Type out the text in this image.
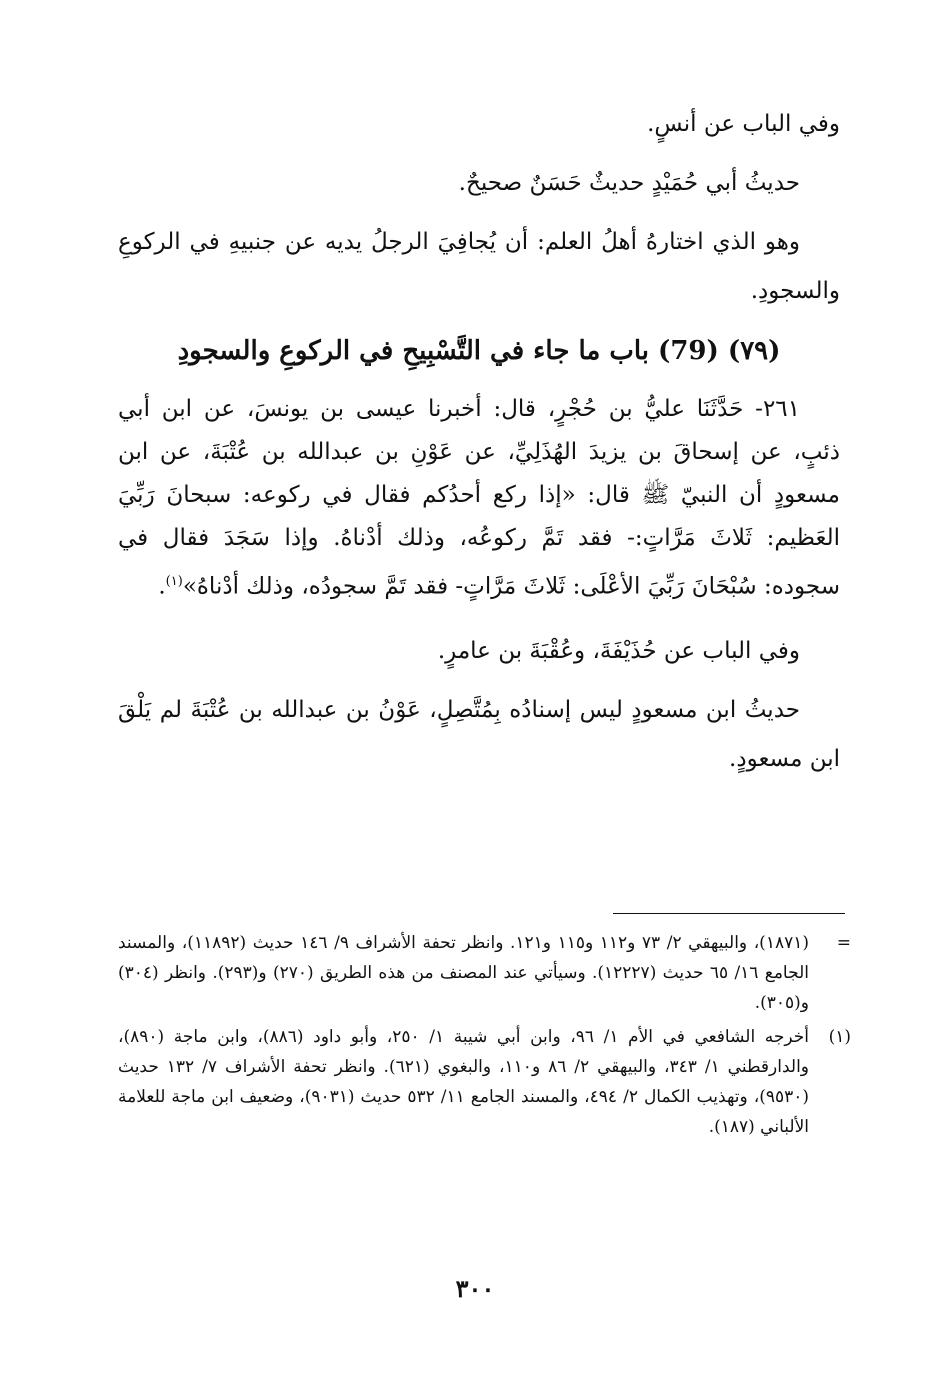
وفي الباب عن أنسٍ.

حديثُ أبي حُمَيْدٍ حديثٌ حَسَنٌ صحيحٌ.

وهو الذي اختارهُ أهلُ العلم: أن يُجافِيَ الرجلُ يديه عن جنبيهِ في الركوعِ والسجودِ.

(٧٩) (79) باب ما جاء في التَّسْبِيحِ في الركوعِ والسجودِ

٢٦١- حَدَّثَنَا عليُّ بن حُجْرٍ، قال: أخبرنا عيسى بن يونسَ، عن ابن أبي ذئبٍ، عن إسحاقَ بن يزيدَ الهُذَلِيِّ، عن عَوْنِ بن عبدالله بن عُتْبَةَ، عن ابن مسعودٍ أن النبيّ ﷺ قال: «إذا ركع أحدُكم فقال في ركوعه: سبحانَ رَبِّيَ العَظيم: ثَلاثَ مَرَّاتٍ:- فقد تَمَّ ركوعُه، وذلك أدْناهُ. وإذا سَجَدَ فقال في سجوده: سُبْحَانَ رَبِّيَ الأعْلَى: ثَلاثَ مَرَّاتٍ- فقد تَمَّ سجودُه، وذلك أدْناهُ»$^{(١)}$.

وفي الباب عن حُذَيْفَةَ، وعُقْبَةَ بن عامرٍ.

حديثُ ابن مسعودٍ ليس إسنادُه بِمُتَّصِلٍ، عَوْنُ بن عبدالله بن عُتْبَةَ لم يَلْقَ ابن مسعودٍ.

=
(١٨٧١)، والبيهقي ٢/ ٧٣ و١١٢ و١١٥ و١٢١. وانظر تحفة الأشراف ٩/ ١٤٦ حديث (١١٨٩٢)، والمسند الجامع ١٦/ ٦٥ حديث (١٢٢٢٧). وسيأتي عند المصنف من هذه الطريق (٢٧٠) و(٢٩٣). وانظر (٣٠٤) و(٣٠٥).
(١)
أخرجه الشافعي في الأم ١/ ٩٦، وابن أبي شيبة ١/ ٢٥٠، وأبو داود (٨٨٦)، وابن ماجة (٨٩٠)، والدارقطني ١/ ٣٤٣، والبيهقي ٢/ ٨٦ و١١٠، والبغوي (٦٢١). وانظر تحفة الأشراف ٧/ ١٣٢ حديث (٩٥٣٠)، وتهذيب الكمال ٢/ ٤٩٤، والمسند الجامع ١١/ ٥٣٢ حديث (٩٠٣١)، وضعيف ابن ماجة للعلامة الألباني (١٨٧).
٣٠٠
